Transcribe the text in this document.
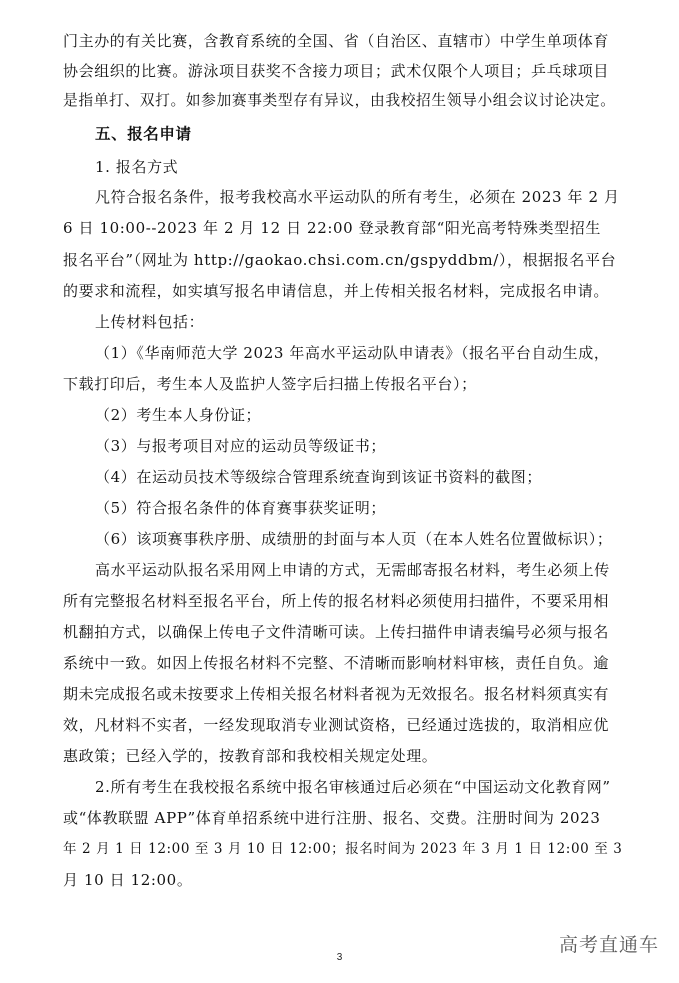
门主办的有关比赛，含教育系统的全国、省（自治区、直辖市）中学生单项体育
协会组织的比赛。游泳项目获奖不含接力项目；武术仅限个人项目；乒乓球项目
是指单打、双打。如参加赛事类型存有异议，由我校招生领导小组会议讨论决定。
五、报名申请
1. 报名方式
凡符合报名条件，报考我校高水平运动队的所有考生，必须在 2023 年 2 月
6 日 10:00--2023 年 2 月 12 日 22:00 登录教育部“阳光高考特殊类型招生
报名平台”（网址为 http://gaokao.chsi.com.cn/gspyddbm/），根据报名平台
的要求和流程，如实填写报名申请信息，并上传相关报名材料，完成报名申请。
上传材料包括：
（1）《华南师范大学 2023 年高水平运动队申请表》（报名平台自动生成，
下载打印后，考生本人及监护人签字后扫描上传报名平台）；
（2）考生本人身份证；
（3）与报考项目对应的运动员等级证书；
（4）在运动员技术等级综合管理系统查询到该证书资料的截图；
（5）符合报名条件的体育赛事获奖证明；
（6）该项赛事秩序册、成绩册的封面与本人页（在本人姓名位置做标识）；
高水平运动队报名采用网上申请的方式，无需邮寄报名材料，考生必须上传
所有完整报名材料至报名平台，所上传的报名材料必须使用扫描件，不要采用相
机翻拍方式，以确保上传电子文件清晰可读。上传扫描件申请表编号必须与报名
系统中一致。如因上传报名材料不完整、不清晰而影响材料审核，责任自负。逾
期未完成报名或未按要求上传相关报名材料者视为无效报名。报名材料须真实有
效，凡材料不实者，一经发现取消专业测试资格，已经通过选拔的，取消相应优
惠政策；已经入学的，按教育部和我校相关规定处理。
2.所有考生在我校报名系统中报名审核通过后必须在“中国运动文化教育网”
或“体教联盟 APP”体育单招系统中进行注册、报名、交费。注册时间为 2023
年 2 月 1 日 12:00 至 3 月 10 日 12:00；报名时间为 2023 年 3 月 1 日 12:00 至 3
月 10 日 12:00。
高考直通车
3
